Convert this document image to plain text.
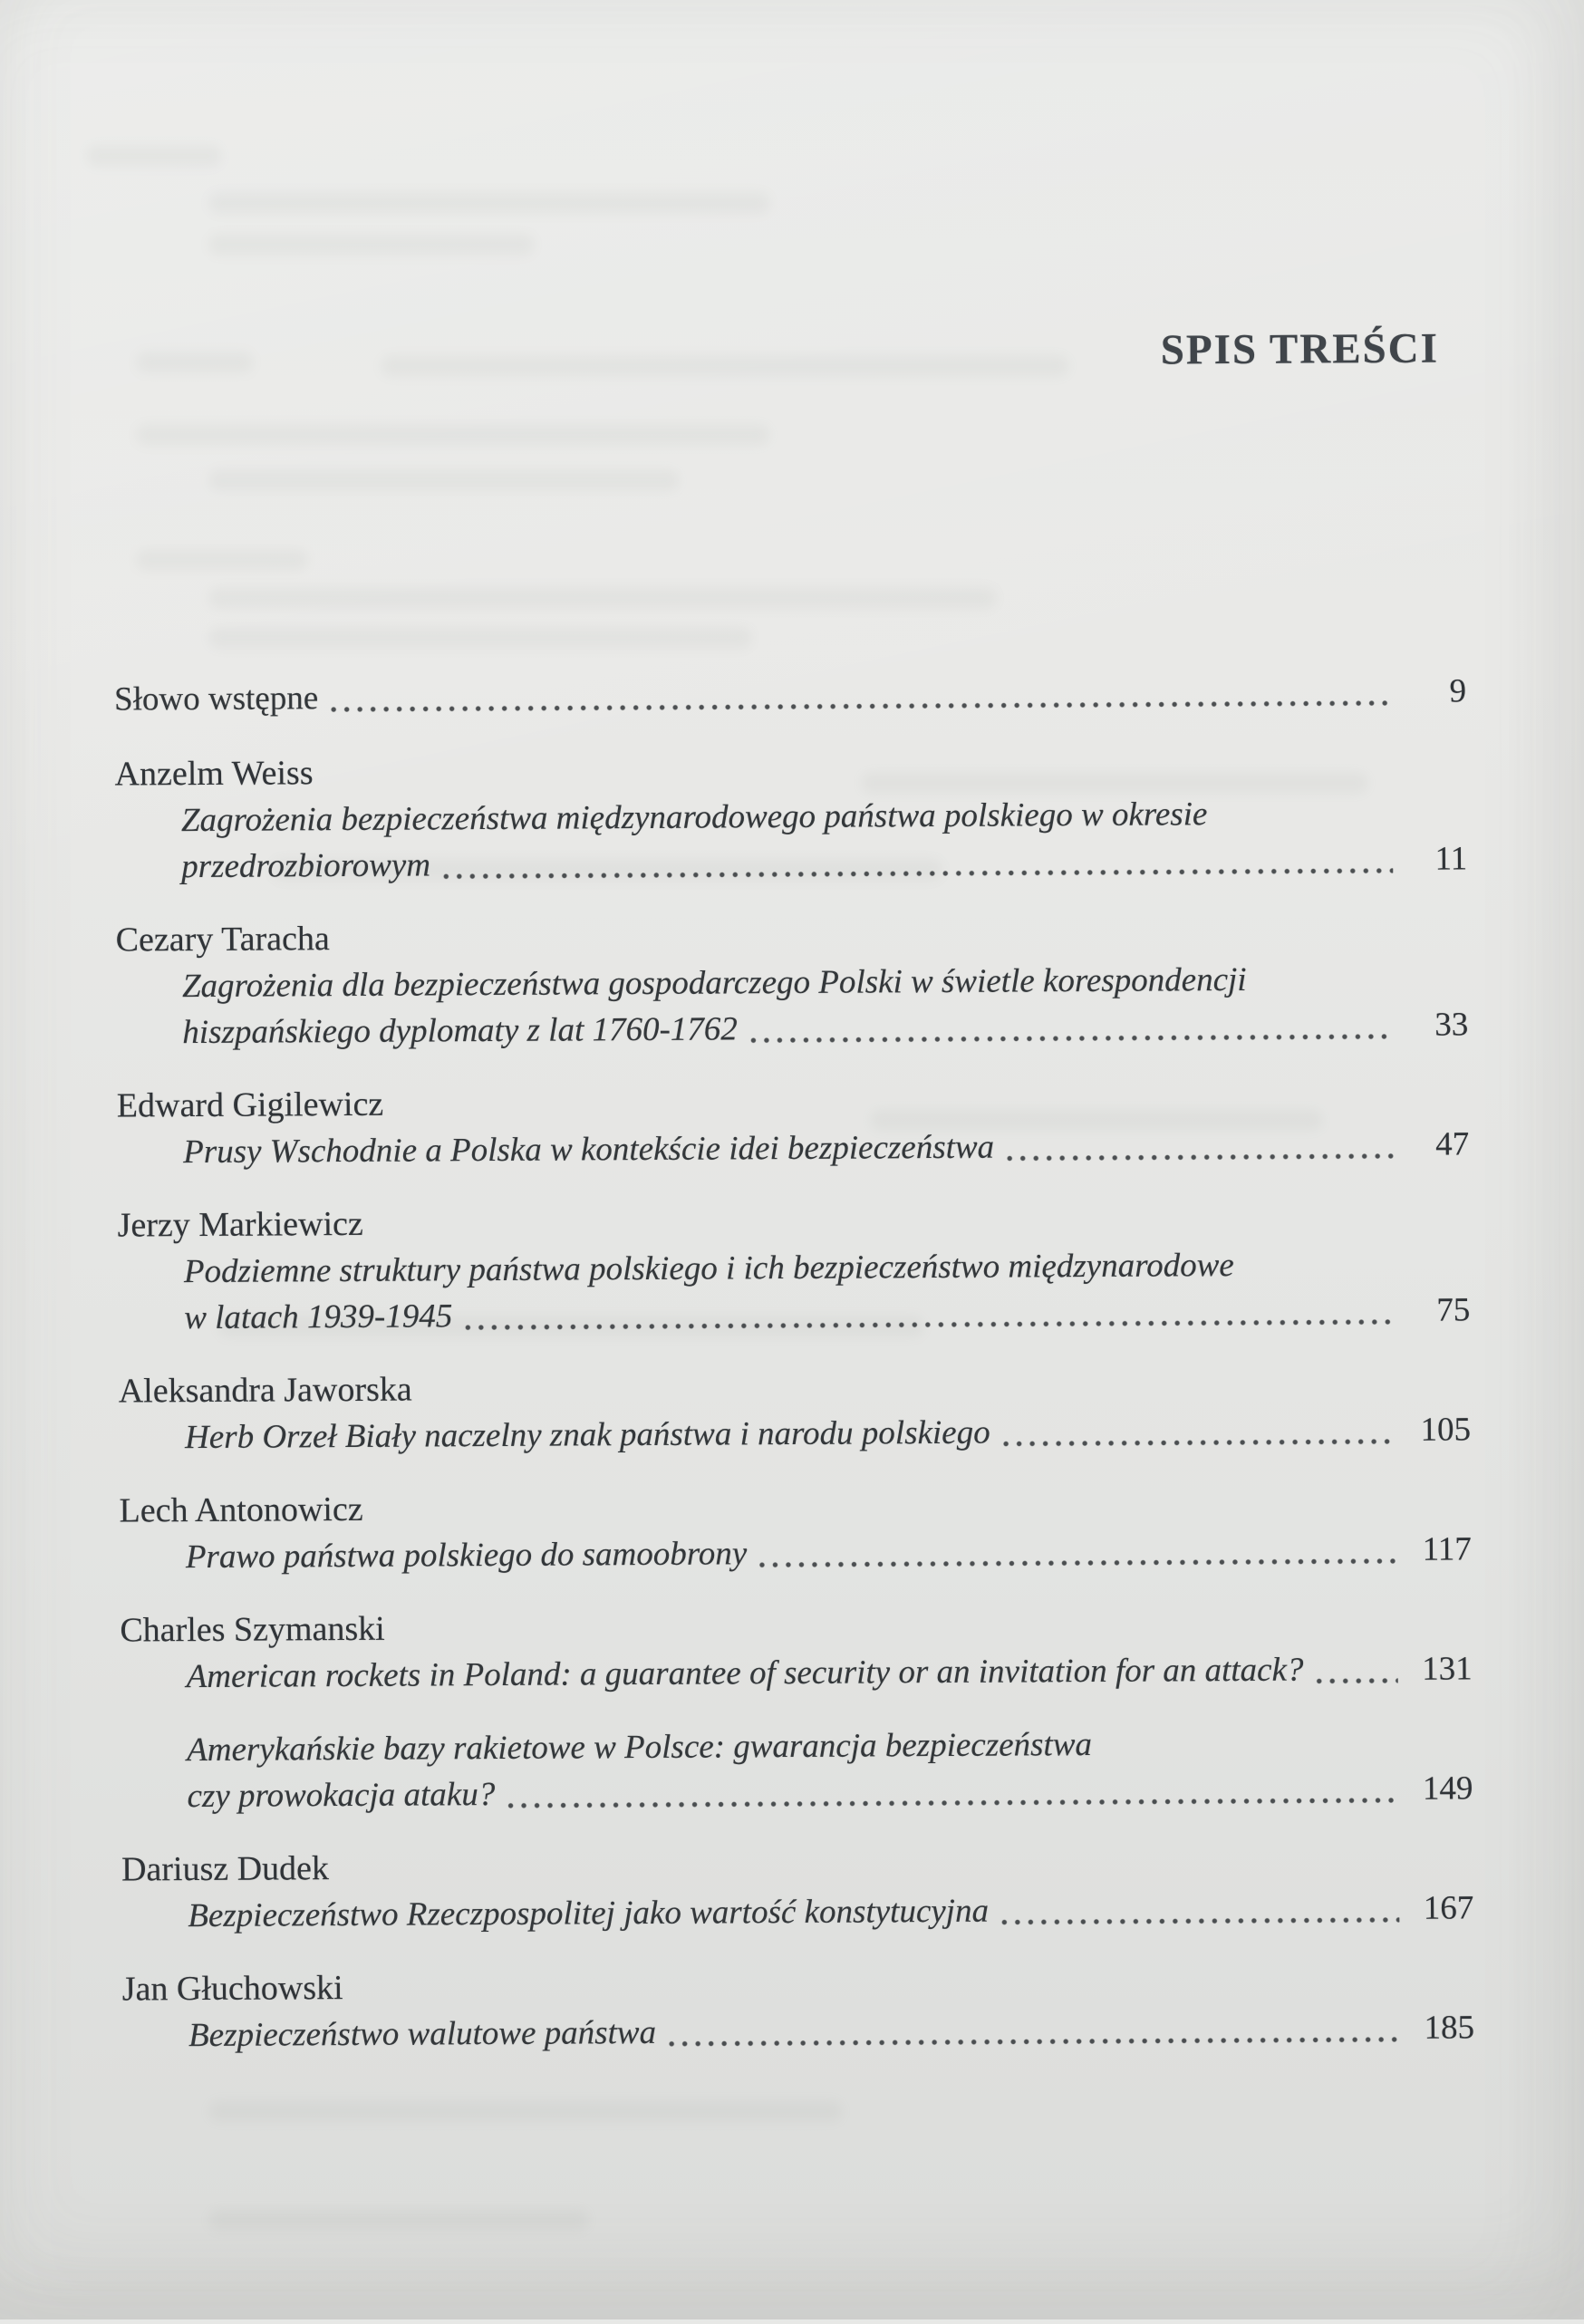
SPIS TREŚCI
Słowo wstępne	9
Anzelm Weiss
Zagrożenia bezpieczeństwa międzynarodowego państwa polskiego w okresie
przedrozbiorowym	11
Cezary Taracha
Zagrożenia dla bezpieczeństwa gospodarczego Polski w świetle korespondencji
hiszpańskiego dyplomaty z lat 1760-1762	33
Edward Gigilewicz
Prusy Wschodnie a Polska w kontekście idei bezpieczeństwa	47
Jerzy Markiewicz
Podziemne struktury państwa polskiego i ich bezpieczeństwo międzynarodowe
w latach 1939-1945	75
Aleksandra Jaworska
Herb Orzeł Biały naczelny znak państwa i narodu polskiego	105
Lech Antonowicz
Prawo państwa polskiego do samoobrony	117
Charles Szymanski
American rockets in Poland: a guarantee of security or an invitation for an attack?	131
Amerykańskie bazy rakietowe w Polsce: gwarancja bezpieczeństwa
czy prowokacja ataku?	149
Dariusz Dudek
Bezpieczeństwo Rzeczpospolitej jako wartość konstytucyjna	167
Jan Głuchowski
Bezpieczeństwo walutowe państwa	185
